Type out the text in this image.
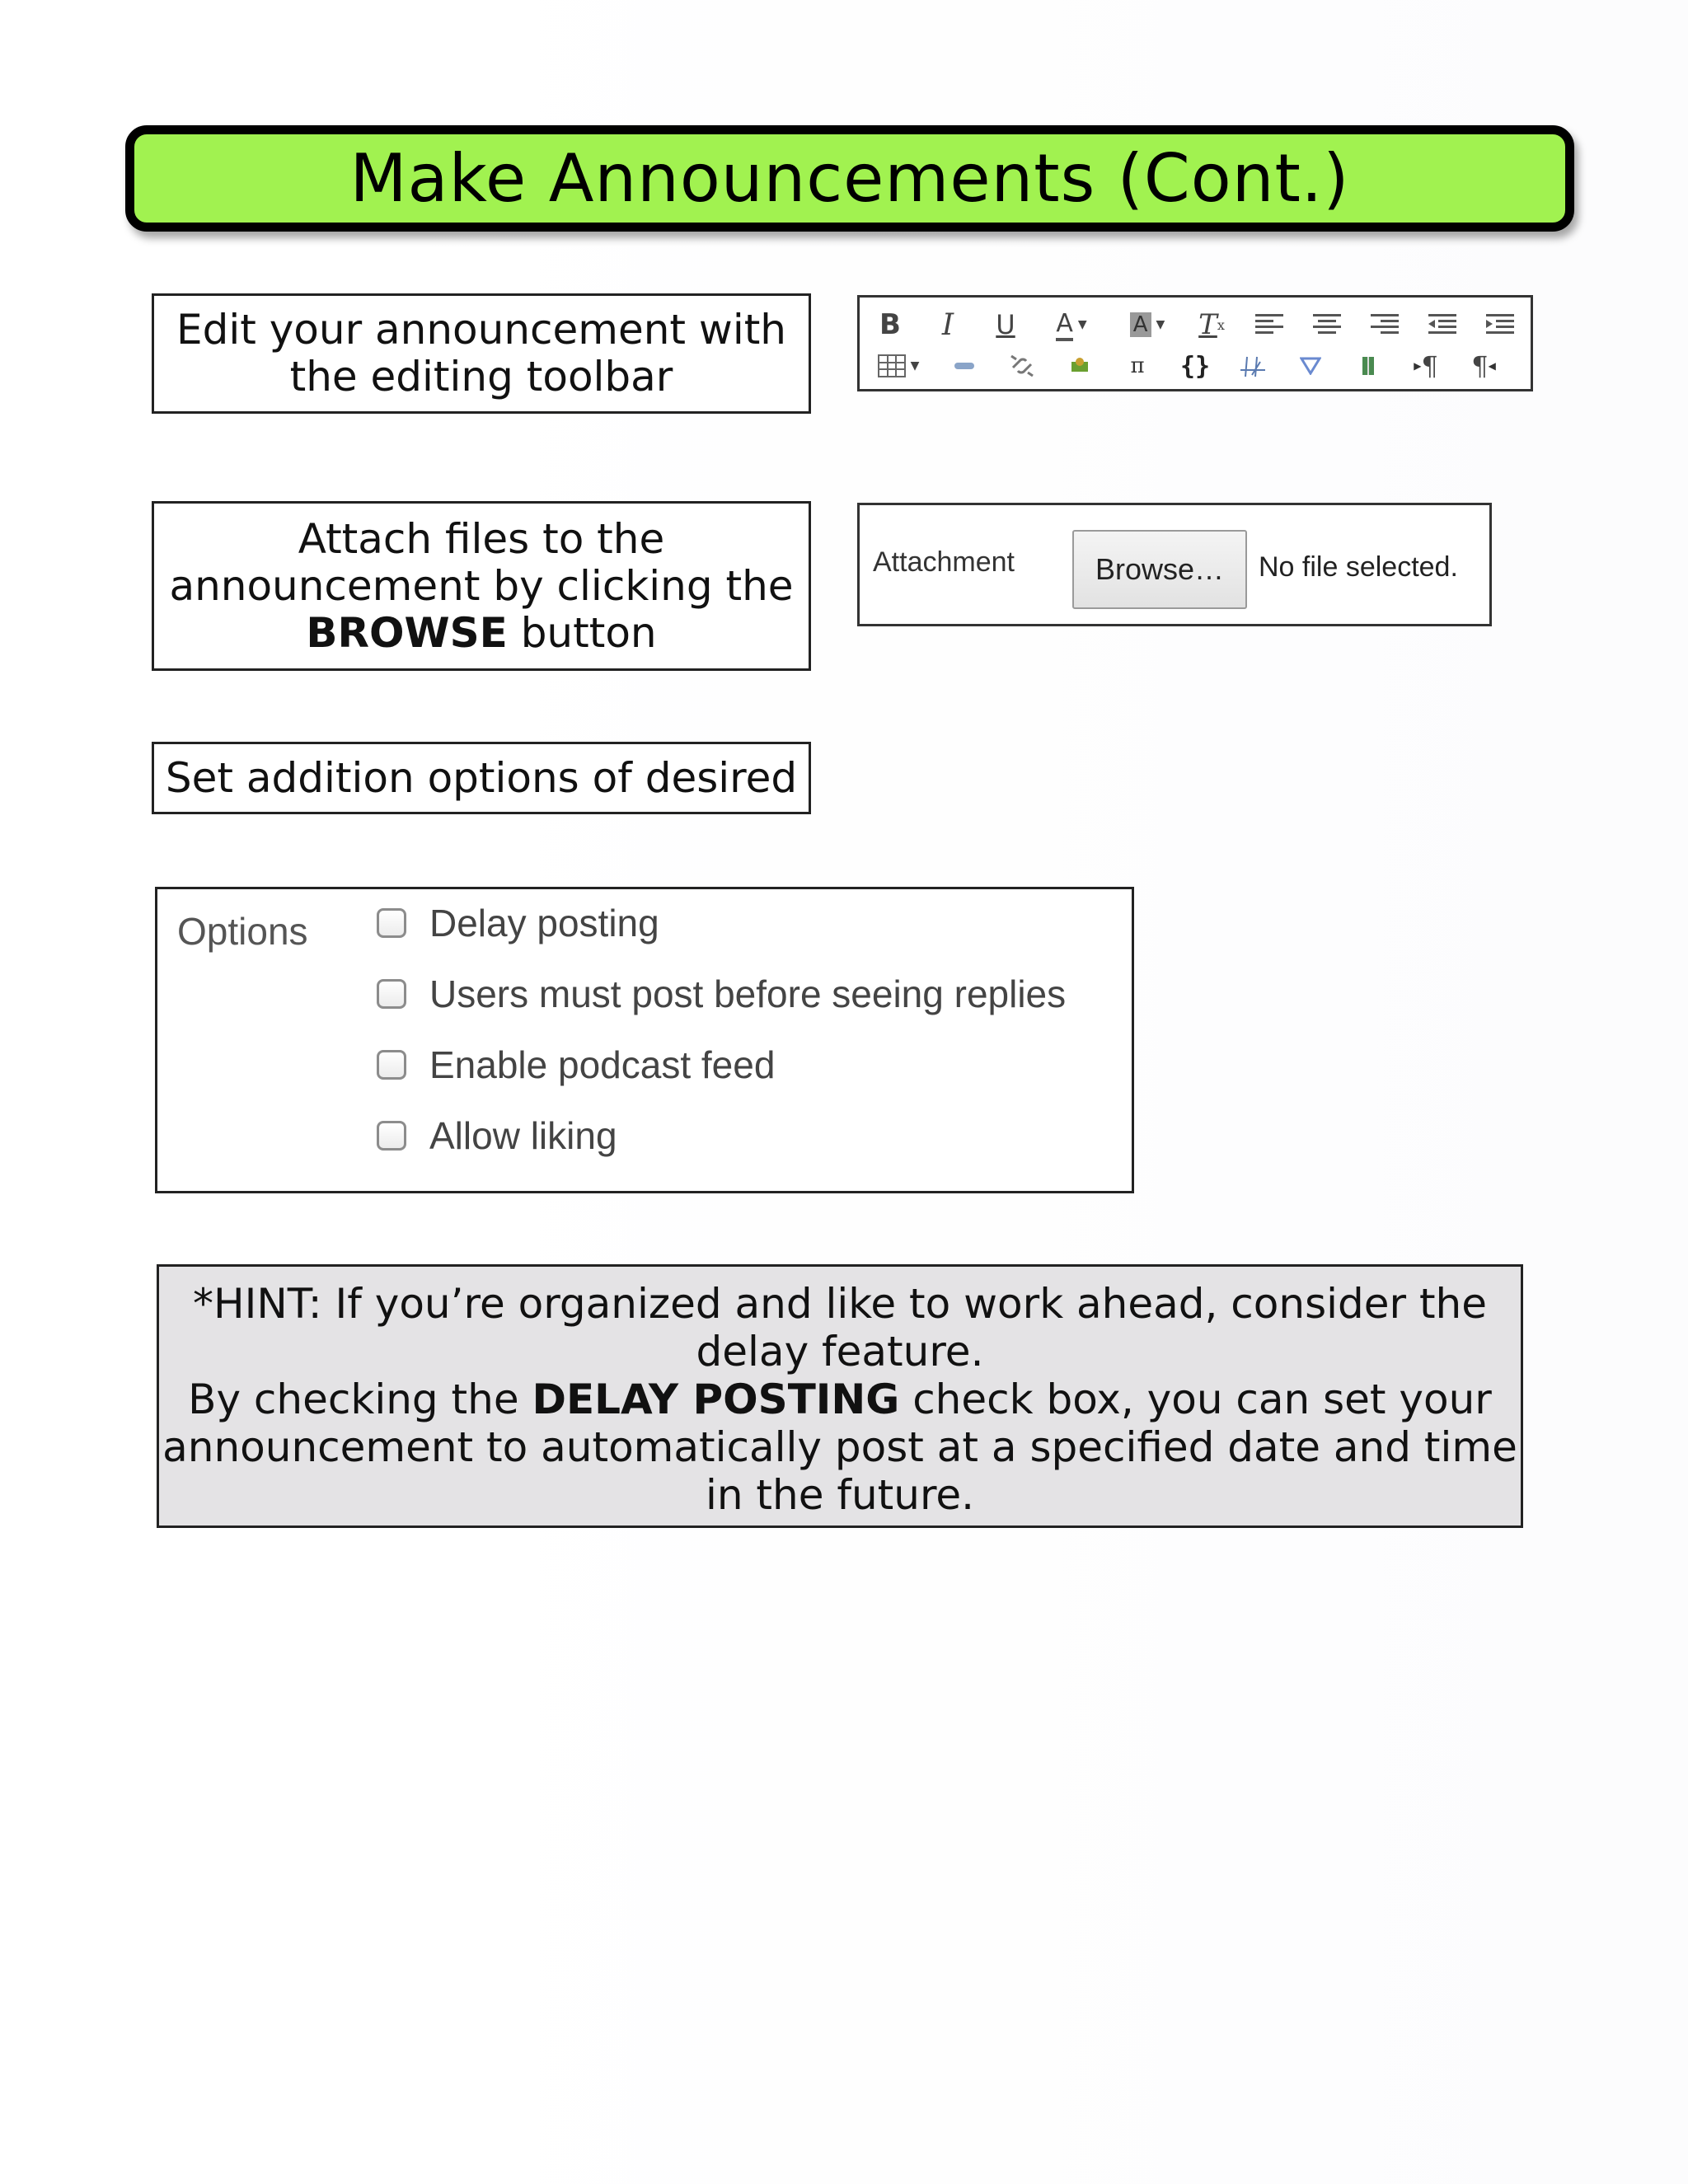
Make Announcements (Cont.)
Edit your announcement with
the editing toolbar
B I U A ▼ A ▼ T x
▼	π {}	▶ ¶ ¶ ◀
Attach files to the
announcement by clicking the
BROWSE button
Attachment	Browse…	No file selected.
Set addition options of desired
Options	Delay posting
Users must post before seeing replies
Enable podcast feed
Allow liking

*HINT: If you’re organized and like to work ahead, consider the

delay feature.

By checking the DELAY POSTING check box, you can set your

announcement to automatically post at a specified date and time

in the future.
